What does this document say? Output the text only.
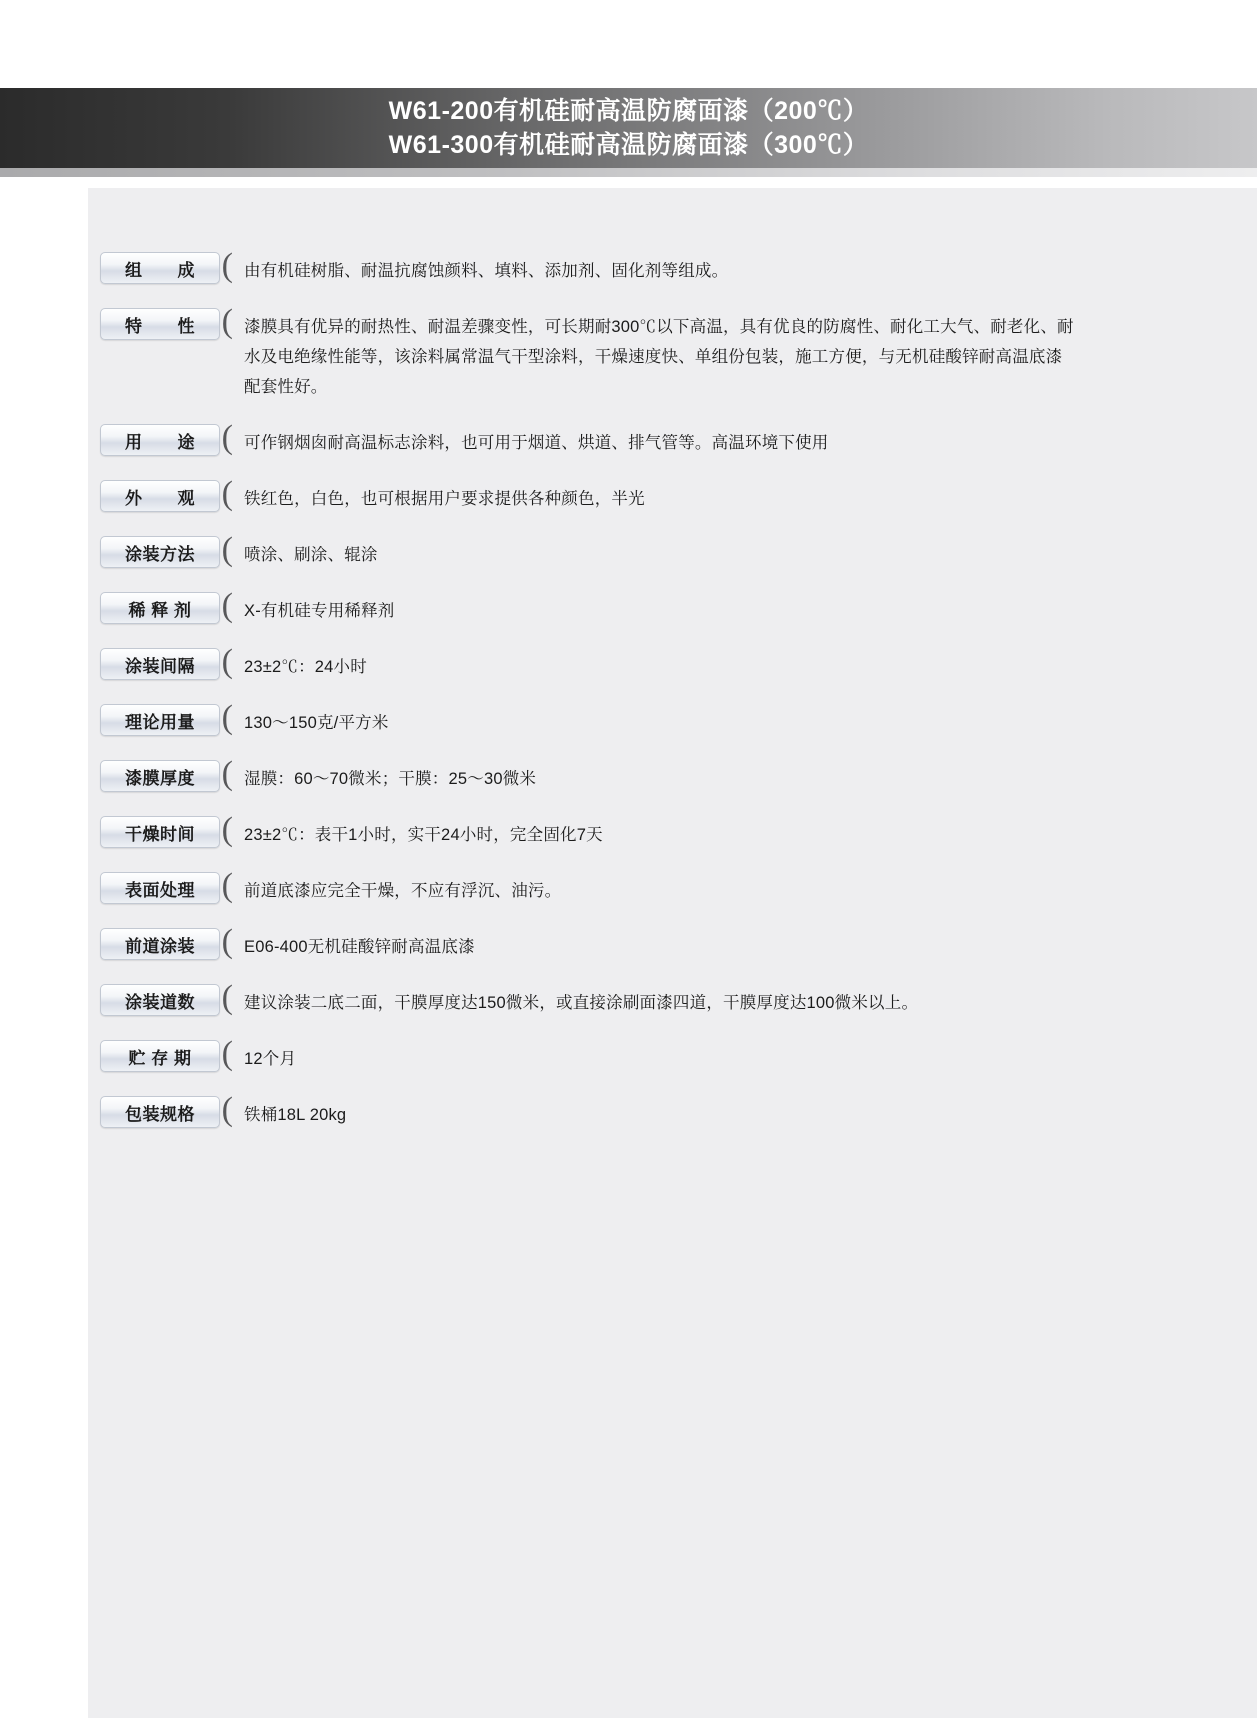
W61-200有机硅耐高温防腐面漆（200℃）
W61-300有机硅耐高温防腐面漆（300℃）
组　　成 ( 由有机硅树脂、耐温抗腐蚀颜料、填料、添加剂、固化剂等组成。
特　　性 ( 漆膜具有优异的耐热性、耐温差骤变性，可长期耐300℃以下高温，具有优良的防腐性、耐化工大气、耐老化、耐水及电绝缘性能等，该涂料属常温气干型涂料，干燥速度快、单组份包装，施工方便，与无机硅酸锌耐高温底漆配套性好。
用　　途 ( 可作钢烟囱耐高温标志涂料，也可用于烟道、烘道、排气管等。高温环境下使用
外　　观 ( 铁红色，白色，也可根据用户要求提供各种颜色，半光
涂装方法 ( 喷涂、刷涂、辊涂
稀 释 剂 ( X-有机硅专用稀释剂
涂装间隔 ( 23±2℃：24小时
理论用量 ( 130～150克/平方米
漆膜厚度 ( 湿膜：60～70微米；干膜：25～30微米
干燥时间 ( 23±2℃：表干1小时，实干24小时，完全固化7天
表面处理 ( 前道底漆应完全干燥，不应有浮沉、油污。
前道涂装 ( E06-400无机硅酸锌耐高温底漆
涂装道数 ( 建议涂装二底二面，干膜厚度达150微米，或直接涂刷面漆四道，干膜厚度达100微米以上。
贮 存 期 ( 12个月
包装规格 ( 铁桶18L 20kg
